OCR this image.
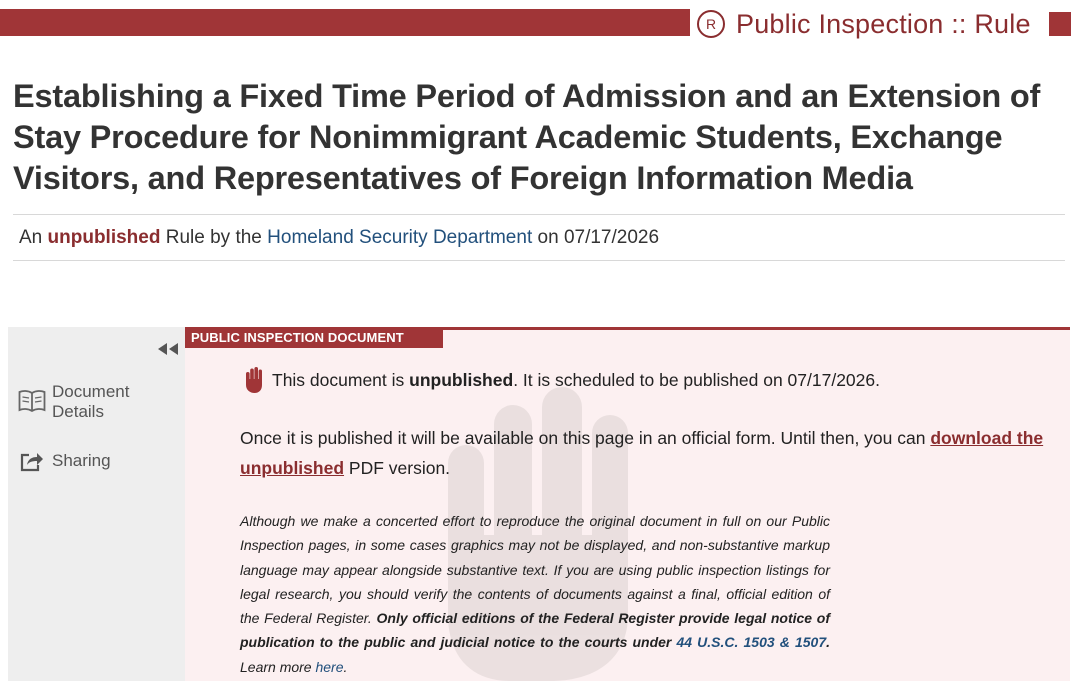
R Public Inspection :: Rule
Establishing a Fixed Time Period of Admission and an Extension of Stay Procedure for Nonimmigrant Academic Students, Exchange Visitors, and Representatives of Foreign Information Media
An unpublished Rule by the Homeland Security Department on 07/17/2026
Document
Details
Sharing
PUBLIC INSPECTION DOCUMENT
This document is
unpublished . It is scheduled to be published on 07/17/2026.
Once it is published it will be available on this page in an official form. Until then, you can download the unpublished PDF version.
Although we make a concerted effort to reproduce the original document in full on our Public Inspection pages, in some cases graphics may not be displayed, and non-substantive markup language may appear alongside substantive text. If you are using public inspection listings for legal research, you should verify the contents of documents against a final, official edition of the Federal Register. Only official editions of the Federal Register provide legal notice of publication to the public and judicial notice to the courts under 44 U.S.C. 1503 & 1507. Learn more here.
